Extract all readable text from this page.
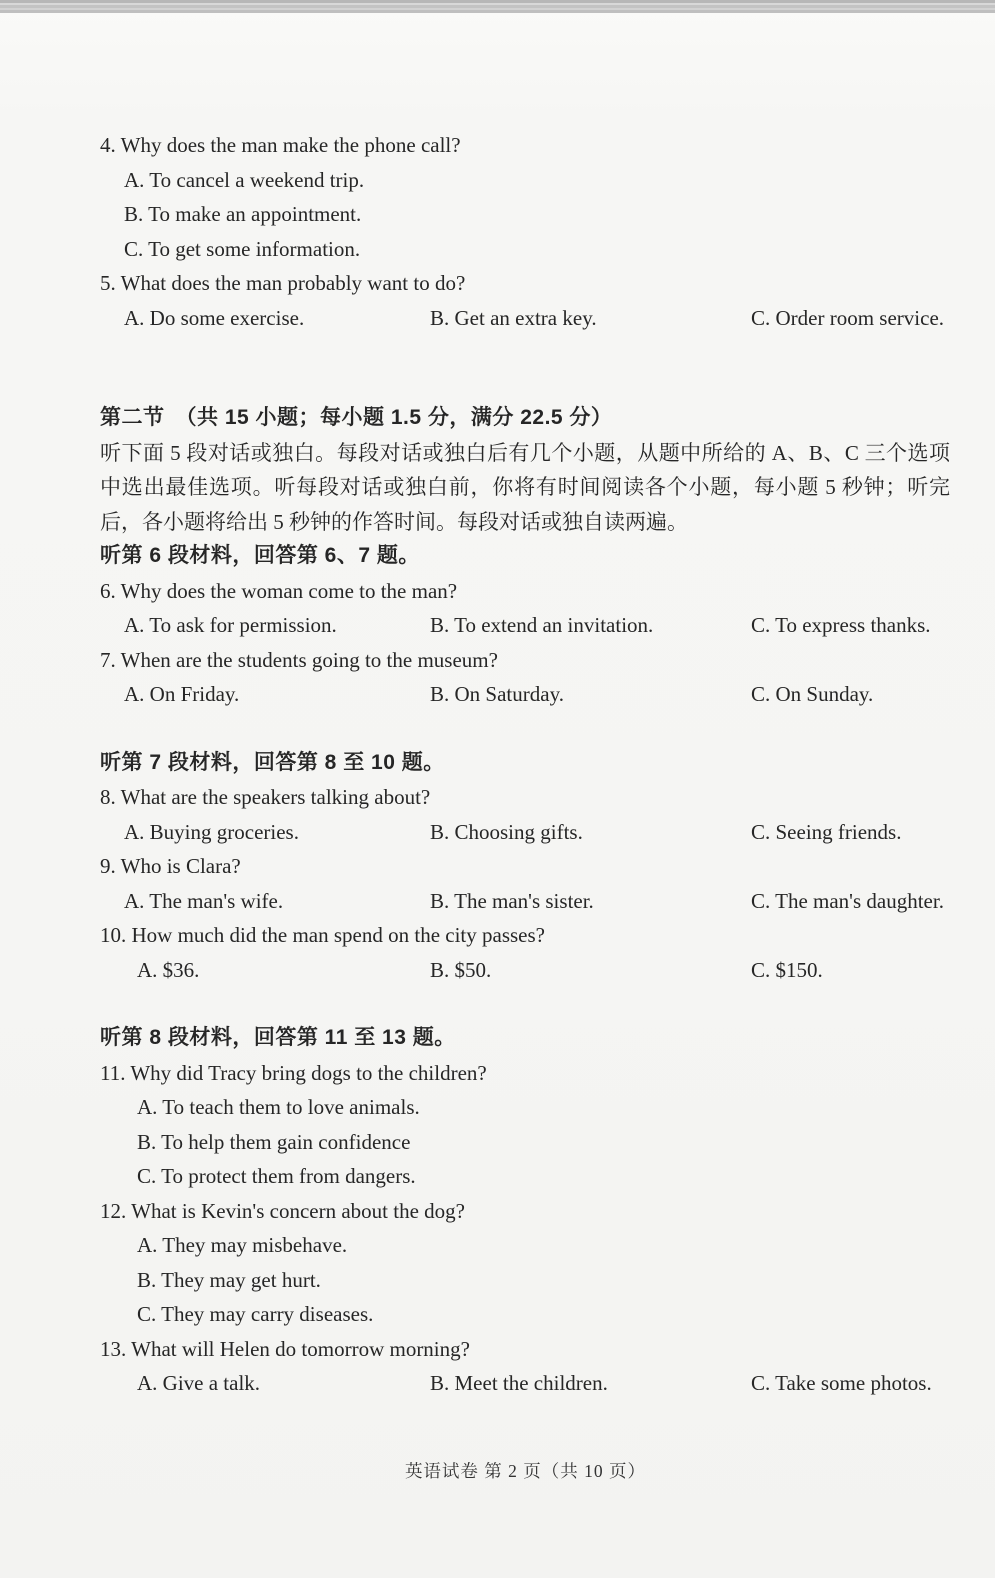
4. Why does the man make the phone call?
A. To cancel a weekend trip.
B. To make an appointment.
C. To get some information.
5. What does the man probably want to do?
A. Do some exercise.	B. Get an extra key.	C. Order room service.
第二节　（共 15 小题；每小题 1.5 分，满分 22.5 分）
听下面 5 段对话或独白。每段对话或独白后有几个小题，从题中所给的 A、B、C 三个选项中选出最佳选项。听每段对话或独白前，你将有时间阅读各个小题，每小题 5 秒钟；听完后，各小题将给出 5 秒钟的作答时间。每段对话或独自读两遍。
听第 6 段材料，回答第 6、7 题。
6. Why does the woman come to the man?
A. To ask for permission.	B. To extend an invitation.	C. To express thanks.
7. When are the students going to the museum?
A. On Friday.	B. On Saturday.	C. On Sunday.
听第 7 段材料，回答第 8 至 10 题。
8. What are the speakers talking about?
A. Buying groceries.	B. Choosing gifts.	C. Seeing friends.
9. Who is Clara?
A. The man's wife.	B. The man's sister.	C. The man's daughter.
10. How much did the man spend on the city passes?
A. $36.	B. $50.	C. $150.
听第 8 段材料，回答第 11 至 13 题。
11. Why did Tracy bring dogs to the children?
A. To teach them to love animals.
B. To help them gain confidence
C. To protect them from dangers.
12. What is Kevin's concern about the dog?
A. They may misbehave.
B. They may get hurt.
C. They may carry diseases.
13. What will Helen do tomorrow morning?
A. Give a talk.	B. Meet the children.	C. Take some photos.
英语试卷 第 2 页（共 10 页）
